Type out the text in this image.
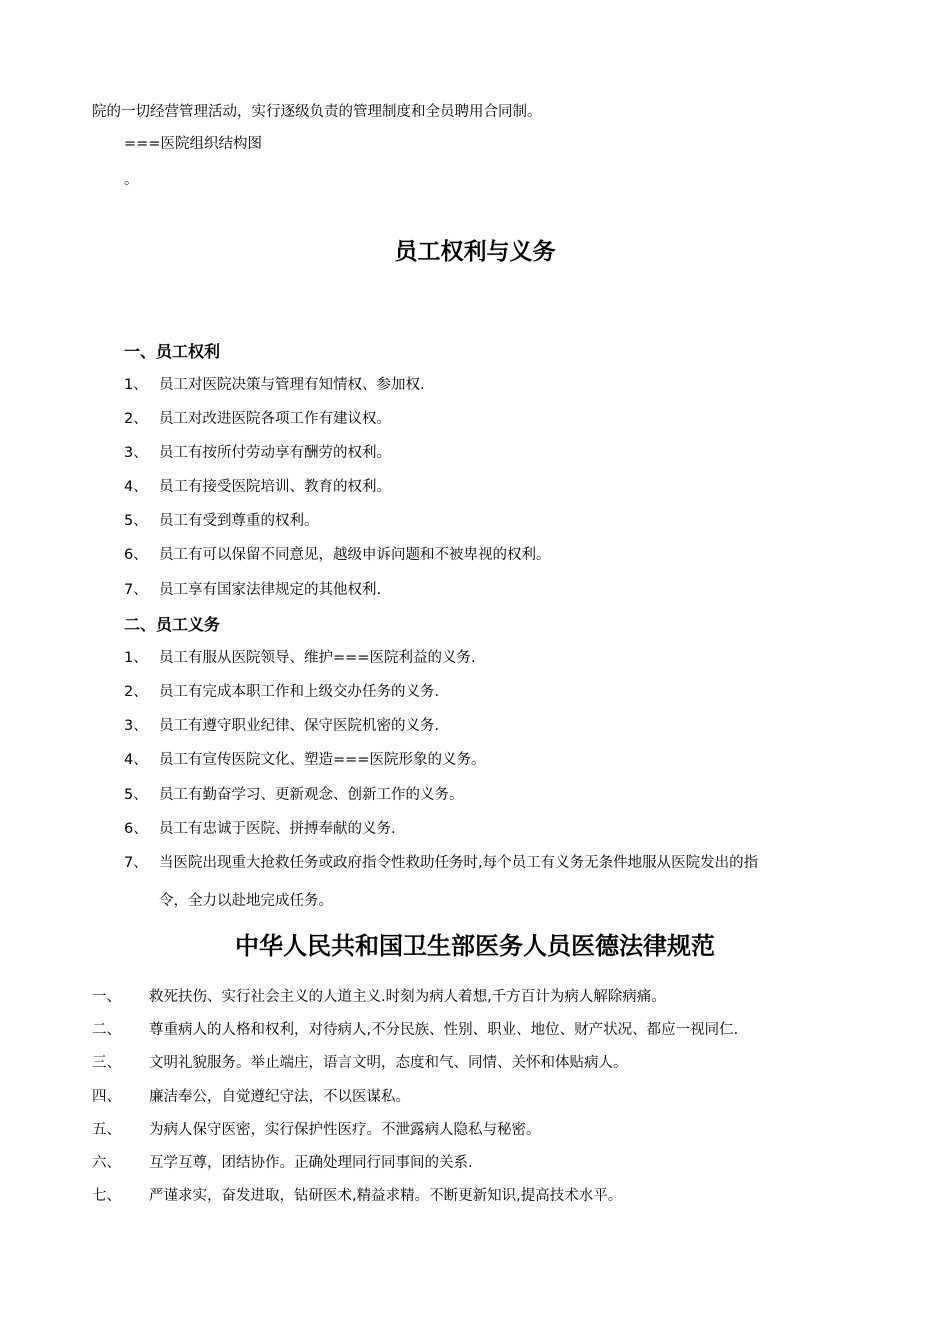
院的一切经营管理活动，实行逐级负责的管理制度和全员聘用合同制。
===医院组织结构图
。
员工权利与义务
一、员工权利
1、 员工对医院决策与管理有知情权、参加权.
2、 员工对改进医院各项工作有建议权。
3、 员工有按所付劳动享有酬劳的权利。
4、 员工有接受医院培训、教育的权利。
5、 员工有受到尊重的权利。
6、 员工有可以保留不同意见，越级申诉问题和不被卑视的权利。
7、 员工享有国家法律规定的其他权利.
二、员工义务
1、 员工有服从医院领导、维护===医院利益的义务.
2、 员工有完成本职工作和上级交办任务的义务.
3、 员工有遵守职业纪律、保守医院机密的义务.
4、 员工有宣传医院文化、塑造===医院形象的义务。
5、 员工有勤奋学习、更新观念、创新工作的义务。
6、 员工有忠诚于医院、拼搏奉献的义务.
7、 当医院出现重大抢救任务或政府指令性救助任务时,每个员工有义务无条件地服从医院发出的指
令，全力以赴地完成任务。
中华人民共和国卫生部医务人员医德法律规范
一、 救死扶伤、实行社会主义的人道主义.时刻为病人着想,千方百计为病人解除病痛。
二、 尊重病人的人格和权利，对待病人,不分民族、性别、职业、地位、财产状况、都应一视同仁.
三、 文明礼貌服务。举止端庄，语言文明，态度和气、同情、关怀和体贴病人。
四、 廉洁奉公，自觉遵纪守法，不以医谋私。
五、 为病人保守医密，实行保护性医疗。不泄露病人隐私与秘密。
六、 互学互尊，团结协作。正确处理同行同事间的关系.
七、 严谨求实，奋发进取，钻研医术,精益求精。不断更新知识,提高技术水平。
